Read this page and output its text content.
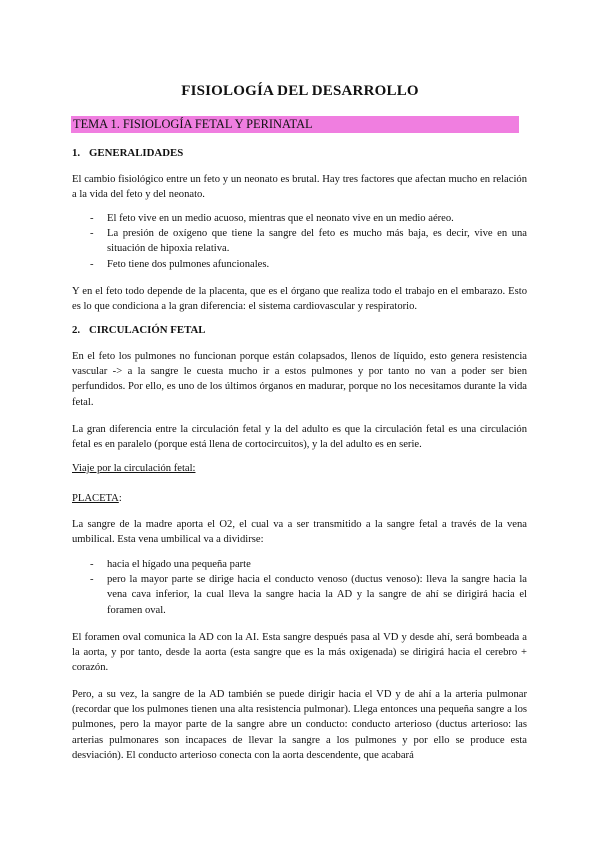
FISIOLOGÍA DEL DESARROLLO
TEMA 1. FISIOLOGÍA FETAL Y PERINATAL
1. GENERALIDADES
El cambio fisiológico entre un feto y un neonato es brutal. Hay tres factores que afectan mucho en relación a la vida del feto y del neonato.
- El feto vive en un medio acuoso, mientras que el neonato vive en un medio aéreo.
- La presión de oxígeno que tiene la sangre del feto es mucho más baja, es decir, vive en una situación de hipoxia relativa.
- Feto tiene dos pulmones afuncionales.
Y en el feto todo depende de la placenta, que es el órgano que realiza todo el trabajo en el embarazo. Esto es lo que condiciona a la gran diferencia: el sistema cardiovascular y respiratorio.
2. CIRCULACIÓN FETAL
En el feto los pulmones no funcionan porque están colapsados, llenos de líquido, esto genera resistencia vascular -> a la sangre le cuesta mucho ir a estos pulmones y por tanto no van a poder ser bien perfundidos. Por ello, es uno de los últimos órganos en madurar, porque no los necesitamos durante la vida fetal.
La gran diferencia entre la circulación fetal y la del adulto es que la circulación fetal es una circulación fetal es en paralelo (porque está llena de cortocircuitos), y la del adulto es en serie.
Viaje por la circulación fetal:
PLACETA:
La sangre de la madre aporta el O2, el cual va a ser transmitido a la sangre fetal a través de la vena umbilical. Esta vena umbilical va a dividirse:
- hacia el hígado una pequeña parte
- pero la mayor parte se dirige hacia el conducto venoso (ductus venoso): lleva la sangre hacia la vena cava inferior, la cual lleva la sangre hacia la AD y la sangre de ahí se dirigirá hacia el foramen oval.
El foramen oval comunica la AD con la AI. Esta sangre después pasa al VD y desde ahí, será bombeada a la aorta, y por tanto, desde la aorta (esta sangre que es la más oxigenada) se dirigirá hacia el cerebro + corazón.
Pero, a su vez, la sangre de la AD también se puede dirigir hacia el VD y de ahí a la arteria pulmonar (recordar que los pulmones tienen una alta resistencia pulmonar). Llega entonces una pequeña sangre a los pulmones, pero la mayor parte de la sangre abre un conducto: conducto arterioso (ductus arterioso: las arterias pulmonares son incapaces de llevar la sangre a los pulmones y por ello se produce esta desviación). El conducto arterioso conecta con la aorta descendente, que acabará
